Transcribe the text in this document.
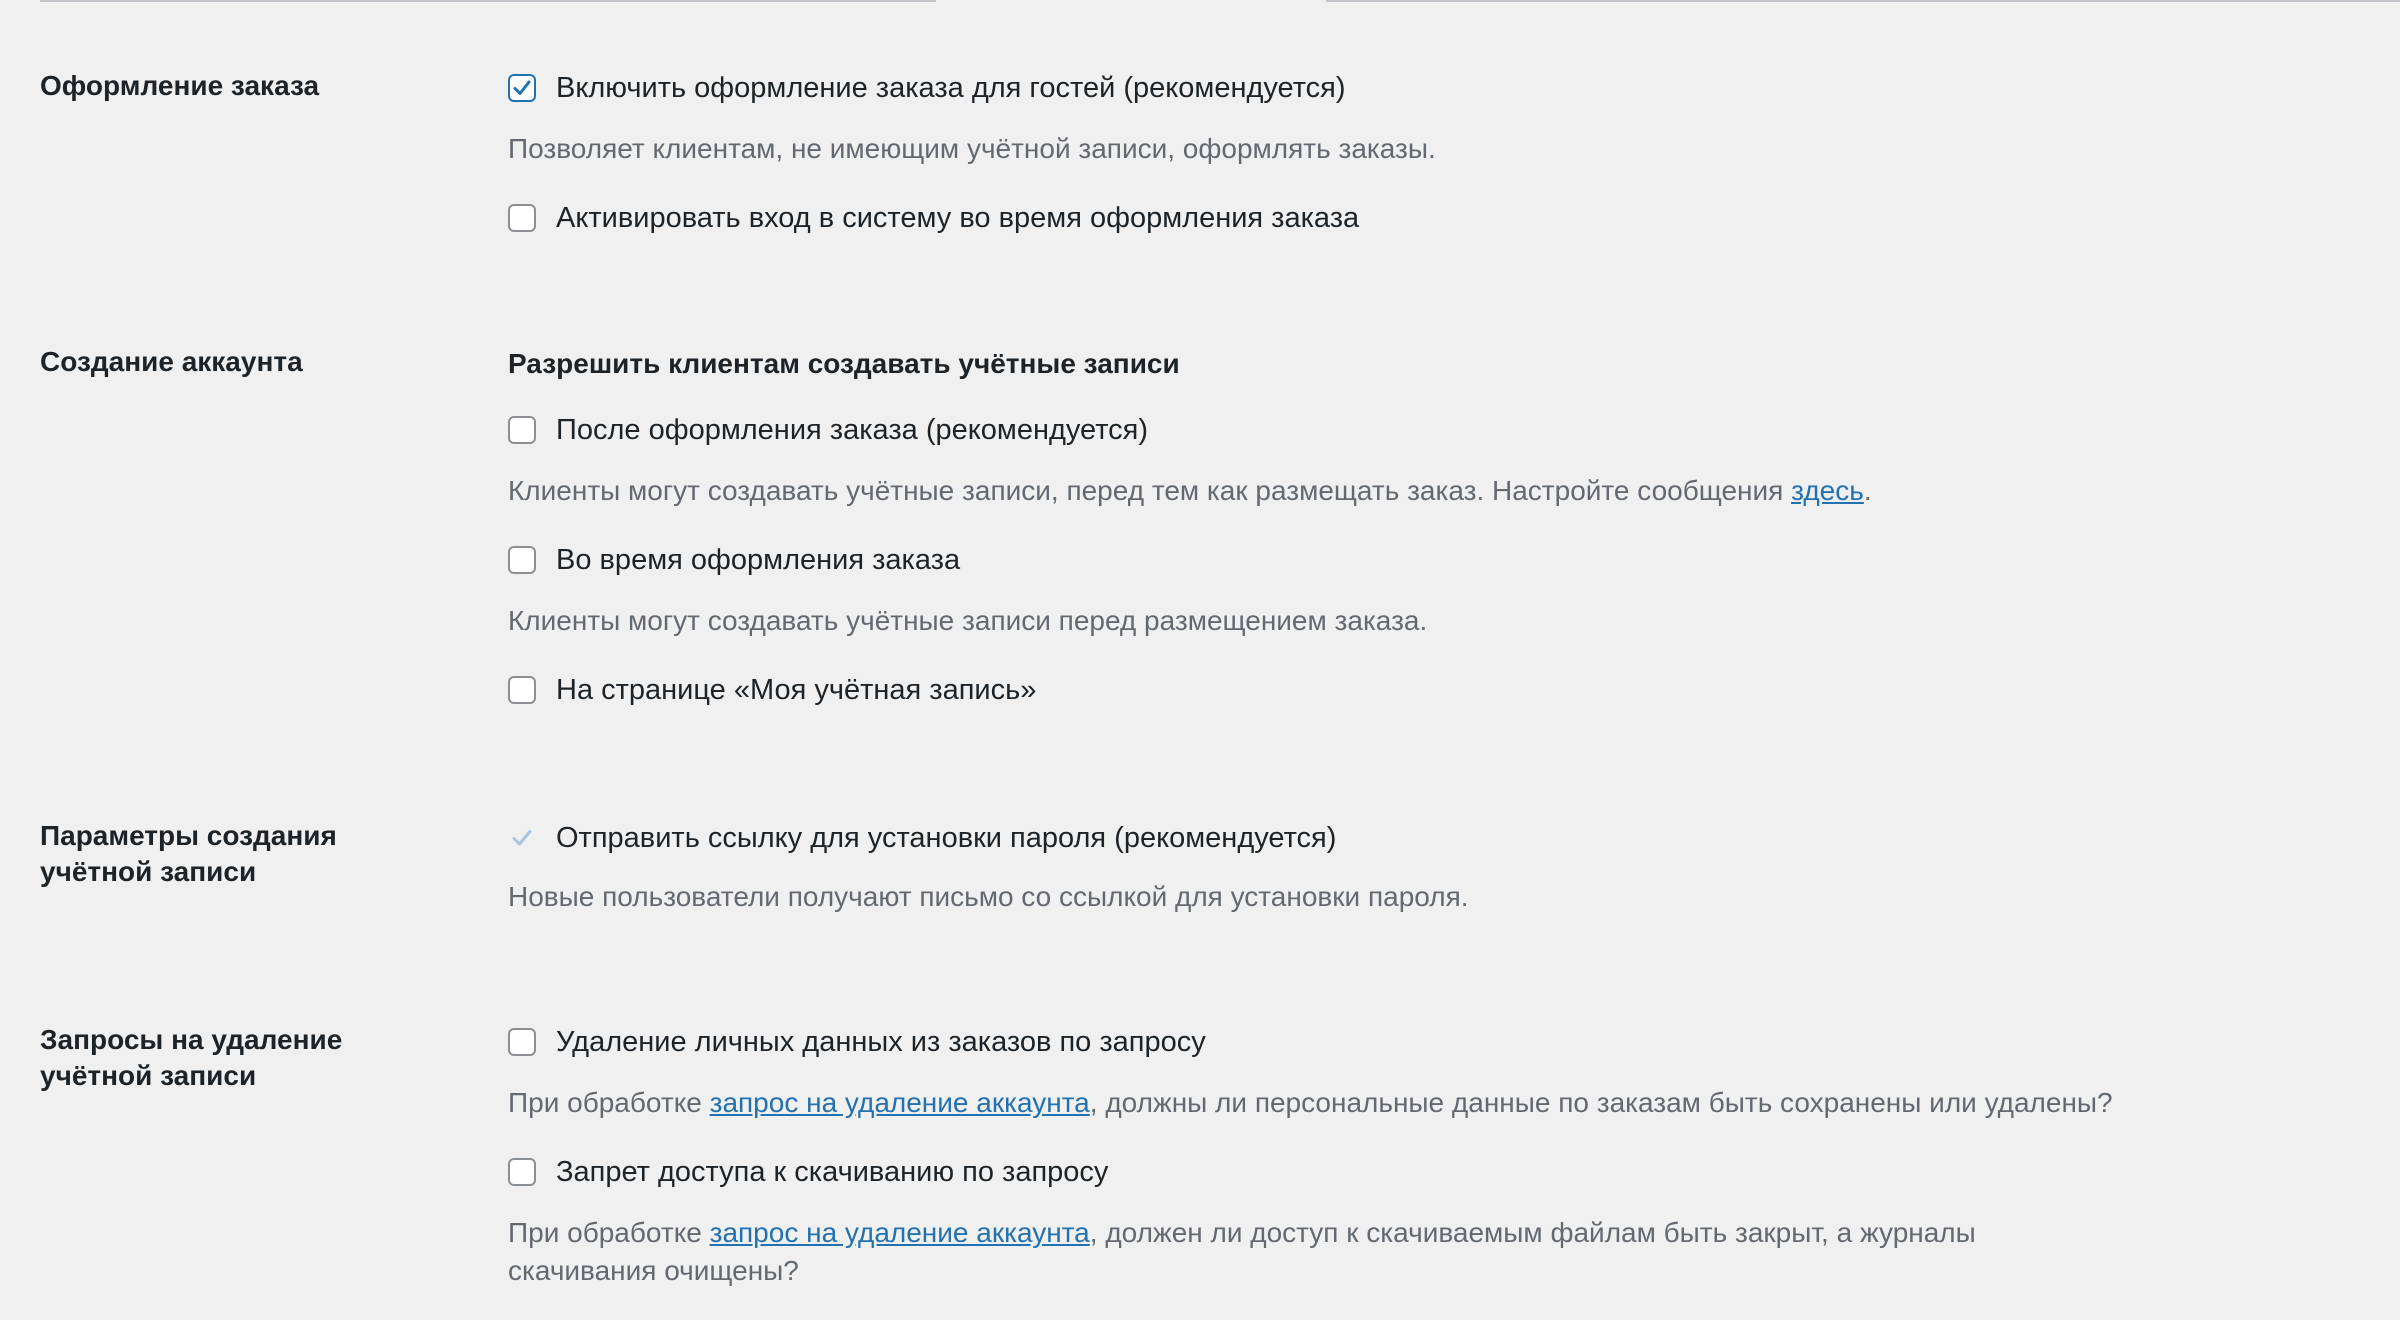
Оформление заказа	Включить оформление заказа для гостей (рекомендуется)
Позволяет клиентам, не имеющим учётной записи, оформлять заказы.
Активировать вход в систему во время оформления заказа
Создание аккаунта	Разрешить клиентам создавать учётные записи
После оформления заказа (рекомендуется)
Клиенты могут создавать учётные записи, перед тем как размещать заказ. Настройте сообщения здесь.
Во время оформления заказа
Клиенты могут создавать учётные записи перед размещением заказа.
На странице «Моя учётная запись»
Параметры создания учётной записи
Отправить ссылку для установки пароля (рекомендуется)
Новые пользователи получают письмо со ссылкой для установки пароля.
Запросы на удаление учётной записи
Удаление личных данных из заказов по запросу
При обработке запрос на удаление аккаунта, должны ли персональные данные по заказам быть сохранены или удалены?
Запрет доступа к скачиванию по запросу
При обработке запрос на удаление аккаунта, должен ли доступ к скачиваемым файлам быть закрыт, а журналы скачивания очищены?
